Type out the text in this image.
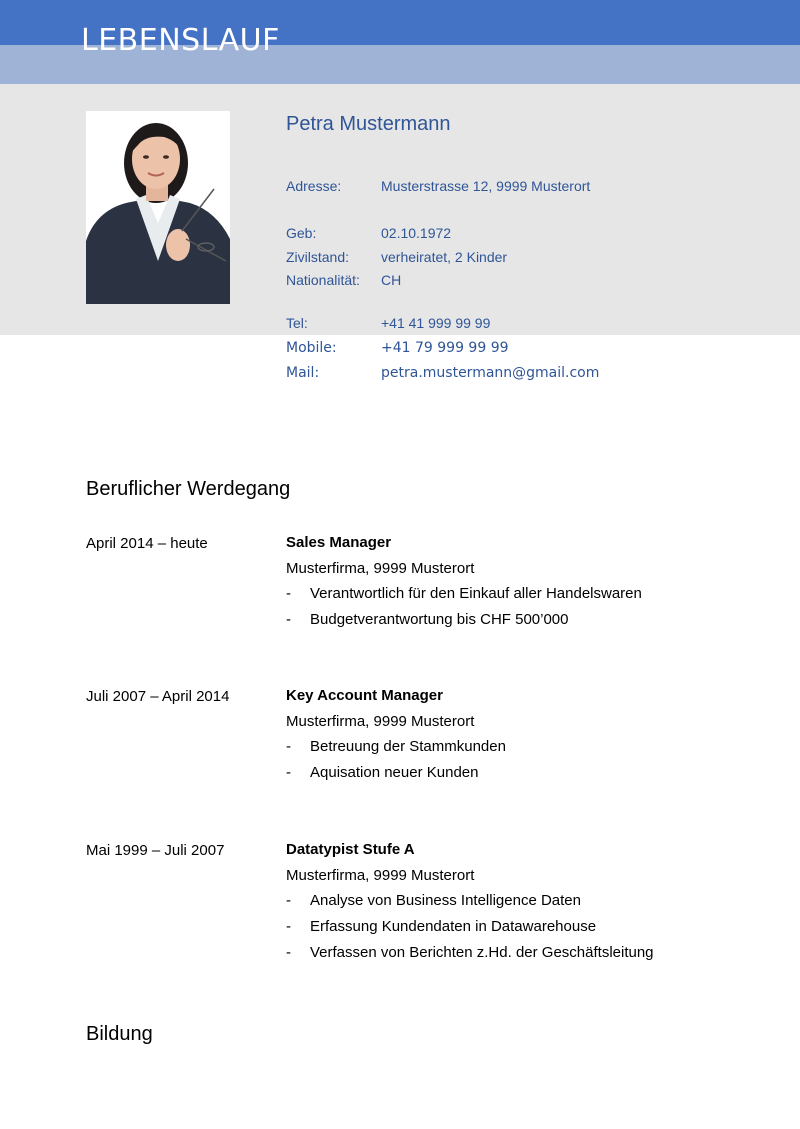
LEBENSLAUF
Petra Mustermann
Adresse:	Musterstrasse 12, 9999 Musterort
Geb:	02.10.1972
Zivilstand: verheiratet, 2 Kinder
Nationalität: CH
Tel:	+41 41 999 99 99
Mobile:	+41 79 999 99 99
Mail:	petra.mustermann@gmail.com
Beruflicher Werdegang
April 2014 – heute	Sales Manager
Musterfirma, 9999 Musterort
- Verantwortlich für den Einkauf aller Handelswaren
- Budgetverantwortung bis CHF 500’000
Juli 2007 – April 2014	Key Account Manager
Musterfirma, 9999 Musterort
- Betreuung der Stammkunden
- Aquisation neuer Kunden
Mai 1999 – Juli 2007	Datatypist Stufe A
Musterfirma, 9999 Musterort
- Analyse von Business Intelligence Daten
- Erfassung Kundendaten in Datawarehouse
- Verfassen von Berichten z.Hd. der Geschäftsleitung
Bildung
